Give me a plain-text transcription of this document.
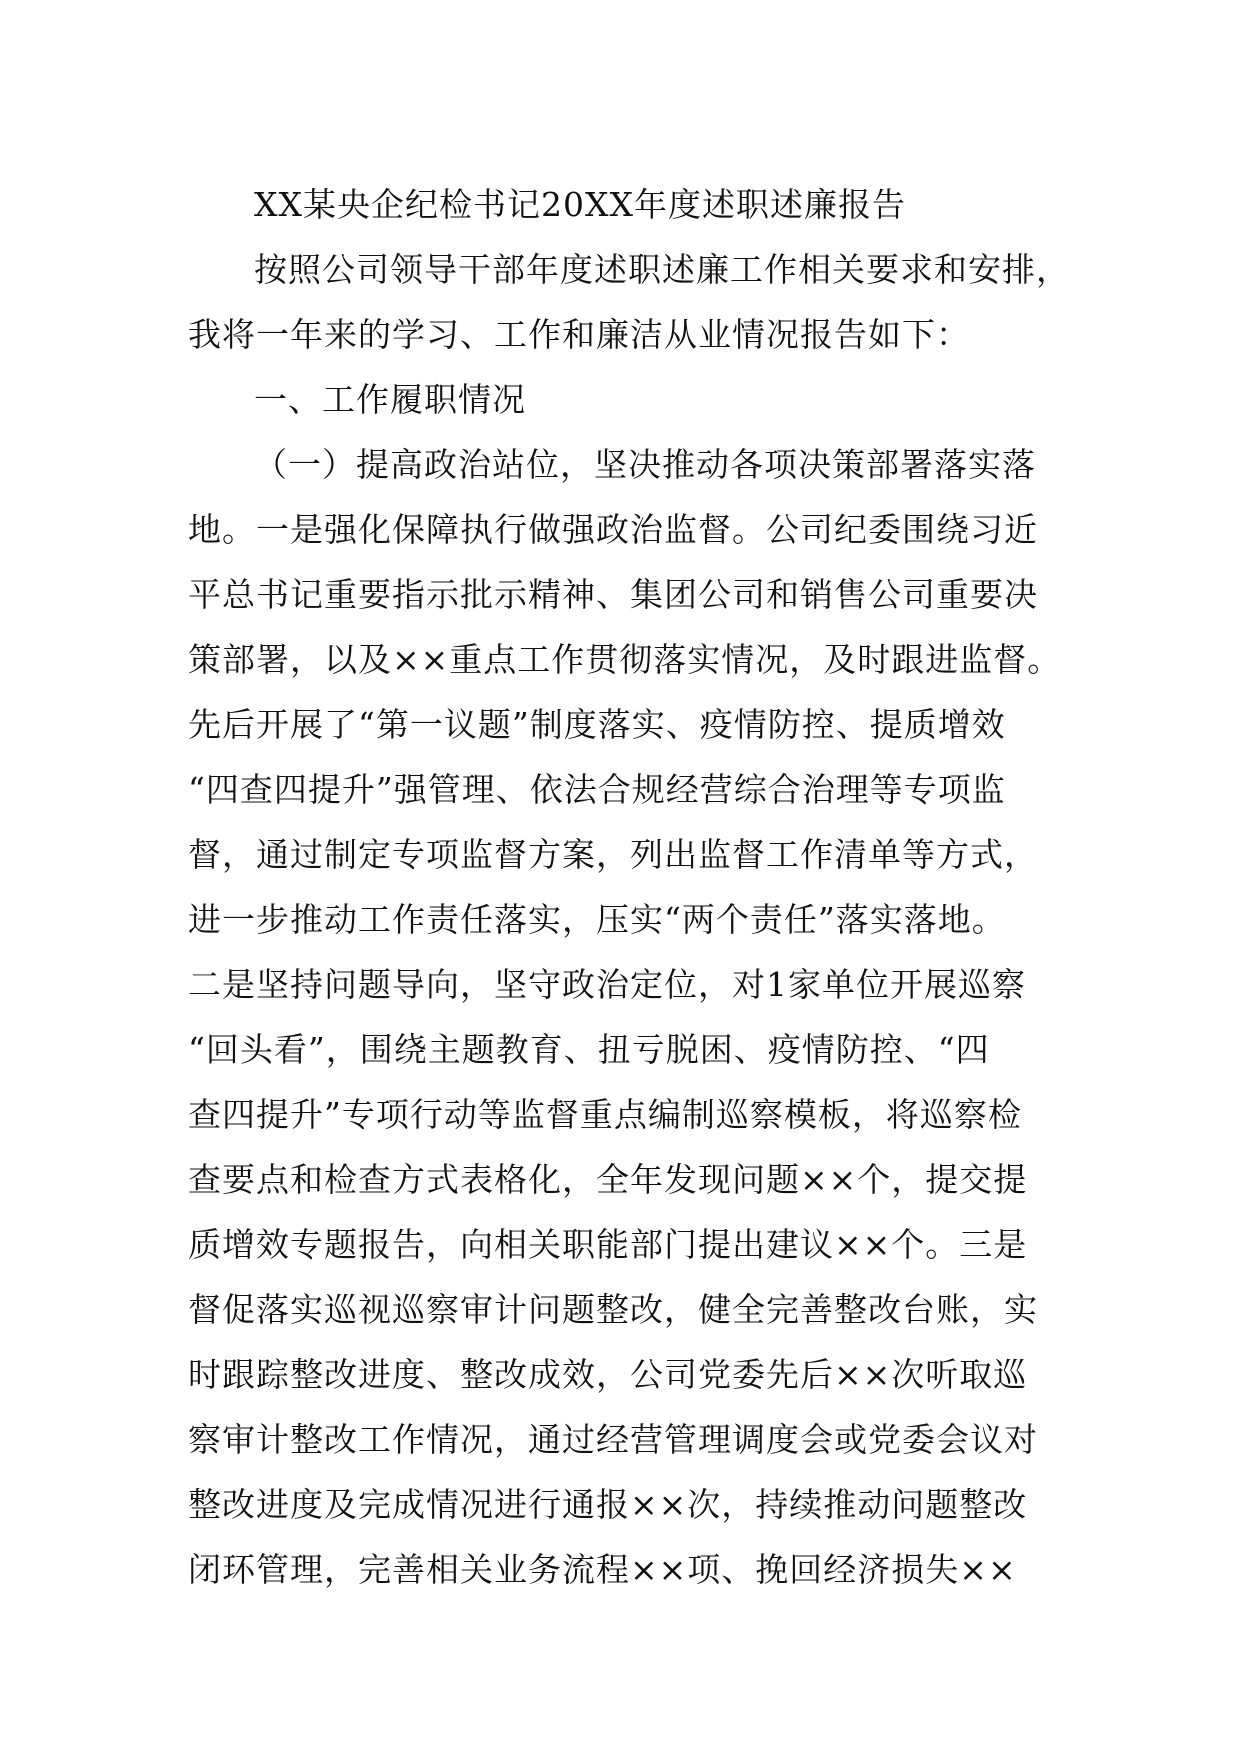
XX某央企纪检书记20XX年度述职述廉报告
按照公司领导干部年度述职述廉工作相关要求和安排，
我将一年来的学习、工作和廉洁从业情况报告如下：
一、工作履职情况
（一）提高政治站位，坚决推动各项决策部署落实落
地。一是强化保障执行做强政治监督。公司纪委围绕习近
平总书记重要指示批示精神、集团公司和销售公司重要决
策部署，以及××重点工作贯彻落实情况，及时跟进监督。
先后开展了“第一议题”制度落实、疫情防控、提质增效
“四查四提升”强管理、依法合规经营综合治理等专项监
督，通过制定专项监督方案，列出监督工作清单等方式，
进一步推动工作责任落实，压实“两个责任”落实落地。
二是坚持问题导向，坚守政治定位，对1家单位开展巡察
“回头看”，围绕主题教育、扭亏脱困、疫情防控、“四
查四提升”专项行动等监督重点编制巡察模板，将巡察检
查要点和检查方式表格化，全年发现问题××个，提交提
质增效专题报告，向相关职能部门提出建议××个。三是
督促落实巡视巡察审计问题整改，健全完善整改台账，实
时跟踪整改进度、整改成效，公司党委先后××次听取巡
察审计整改工作情况，通过经营管理调度会或党委会议对
整改进度及完成情况进行通报××次，持续推动问题整改
闭环管理，完善相关业务流程××项、挽回经济损失××
